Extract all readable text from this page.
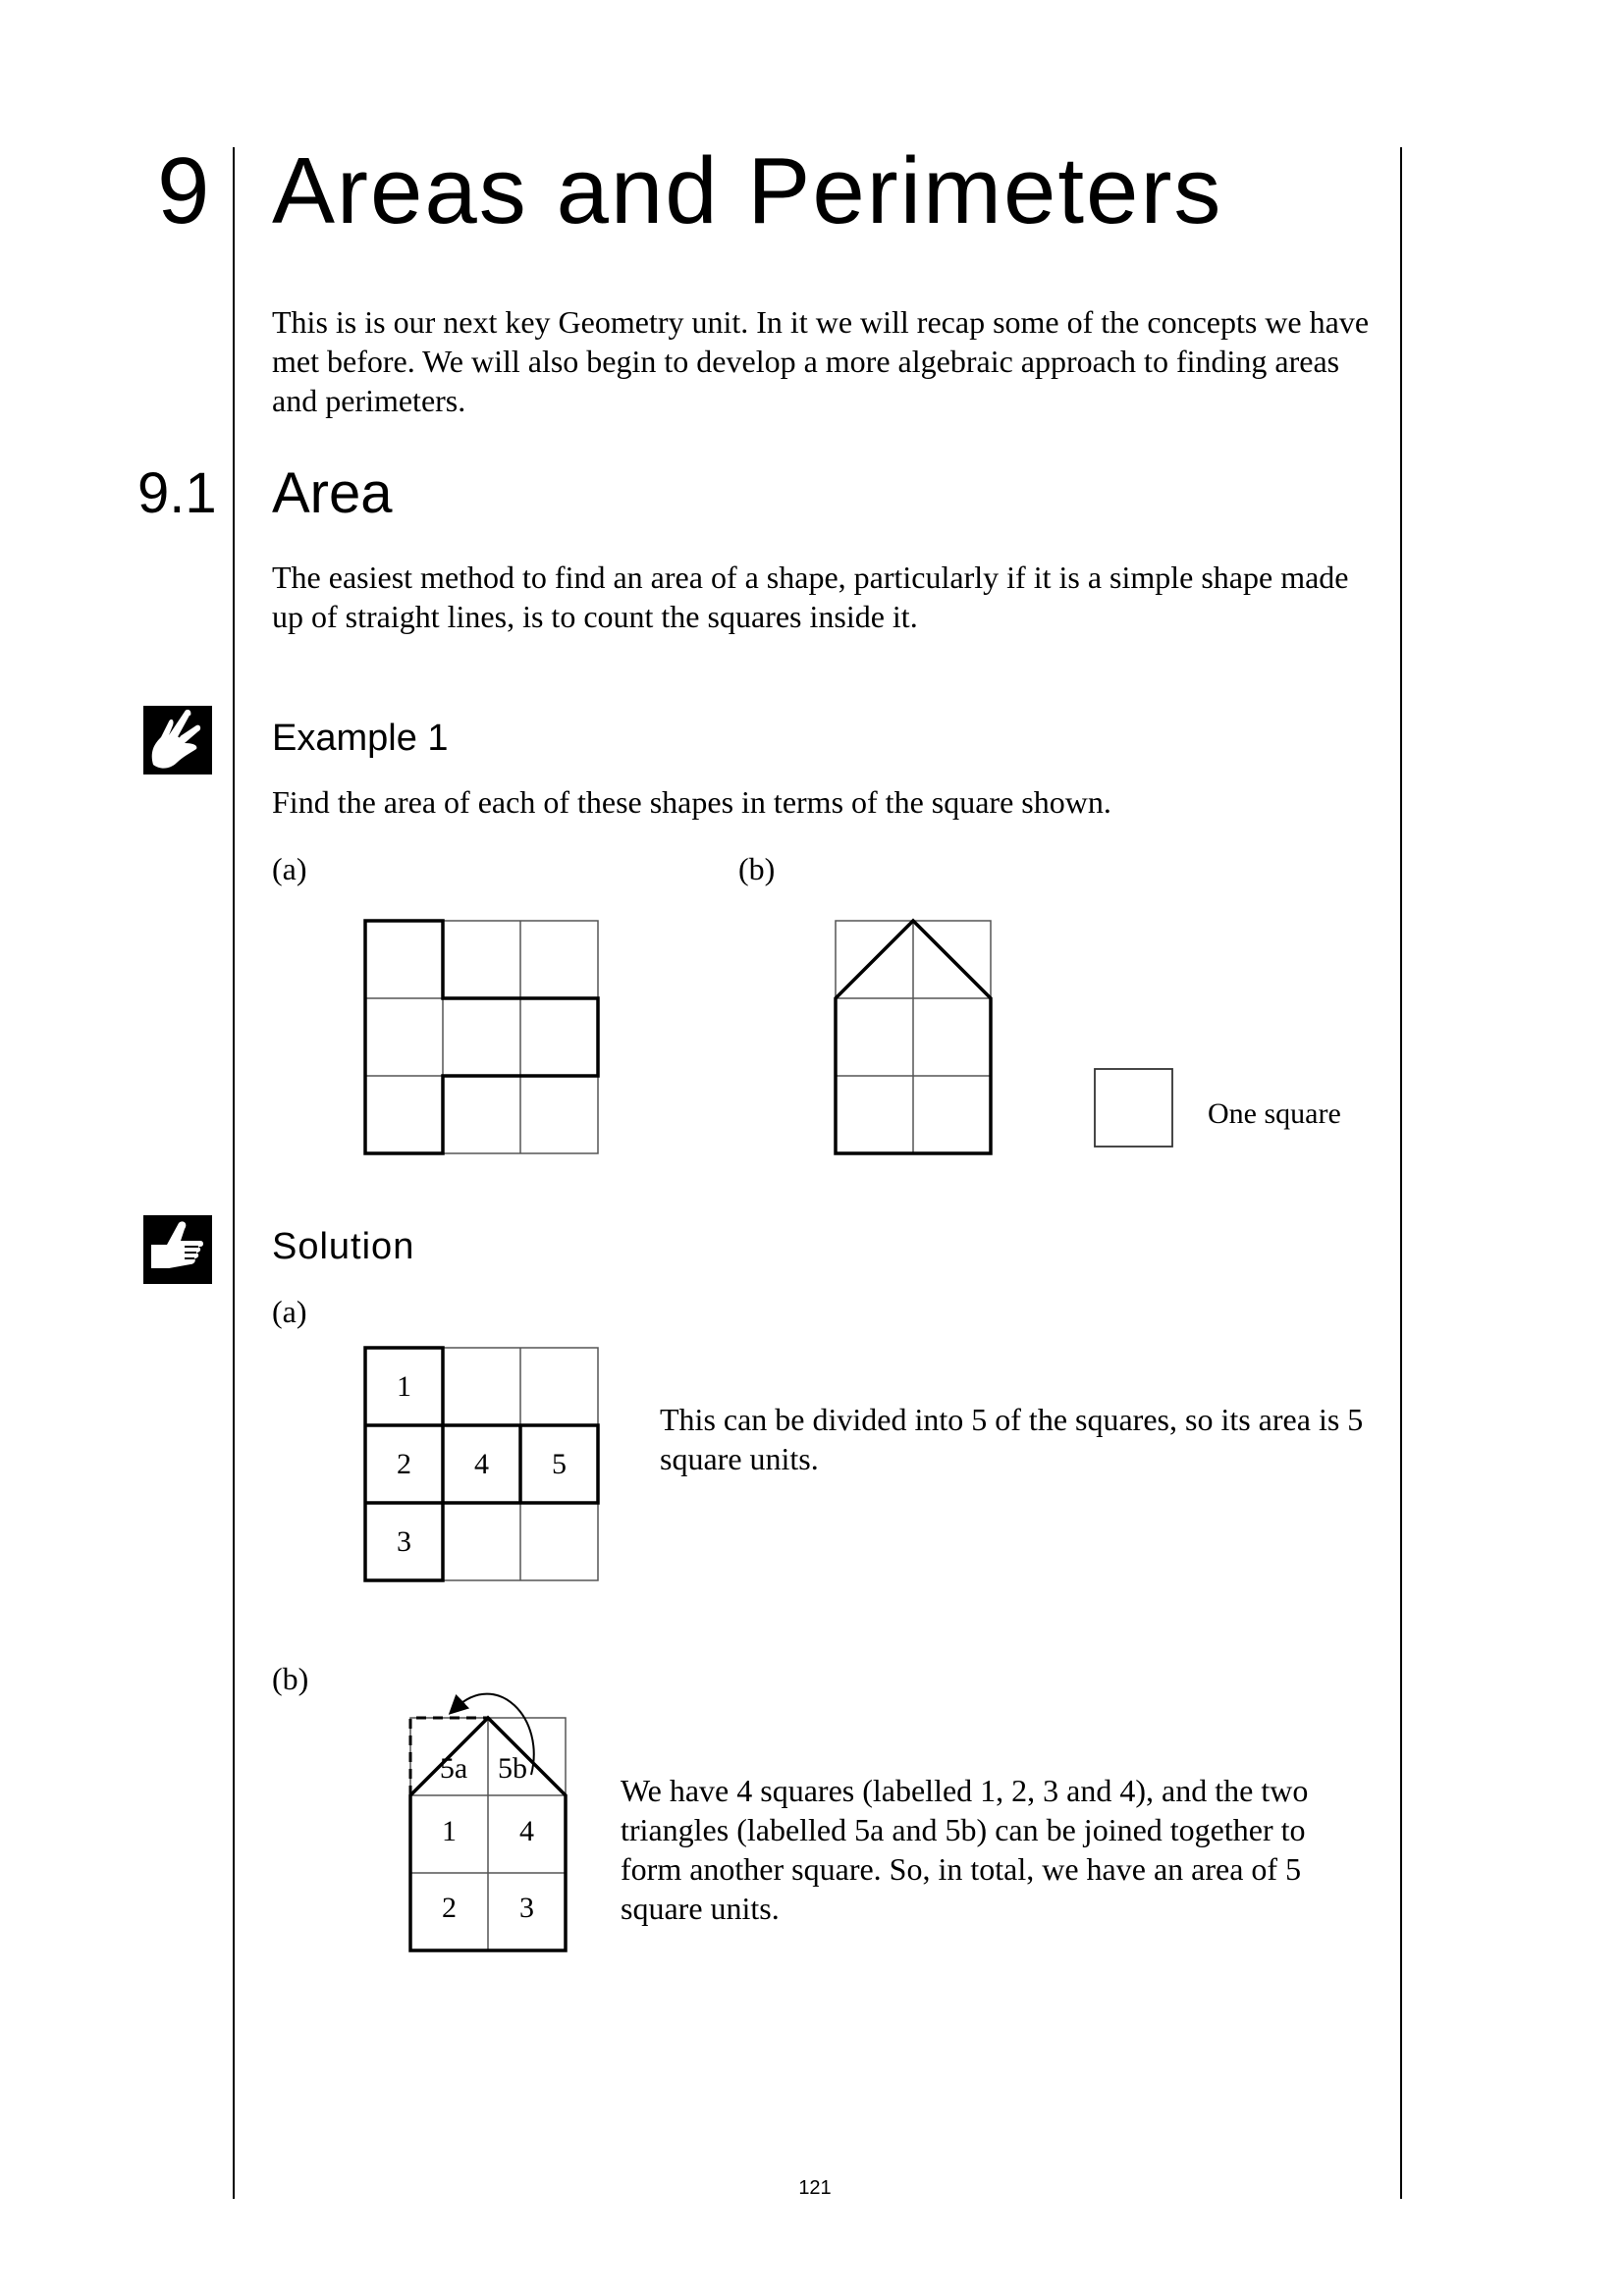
9 Areas and Perimeters
This is is our next key Geometry unit. In it we will recap some of the concepts we have met before. We will also begin to develop a more algebraic approach to finding areas and perimeters.
9.1 Area
The easiest method to find an area of a shape, particularly if it is a simple shape made up of straight lines, is to count the squares inside it.
Example 1
Find the area of each of these shapes in terms of the square shown.
(a)	(b)
One square
Solution
(a)
1
2	4	5
3
This can be divided into 5 of the squares, so its area is 5 square units.
(b)
5a	5b
1	4
2	3
We have 4 squares (labelled 1, 2, 3 and 4), and the two triangles (labelled 5a and 5b) can be joined together to form another square. So, in total, we have an area of 5 square units.
121
